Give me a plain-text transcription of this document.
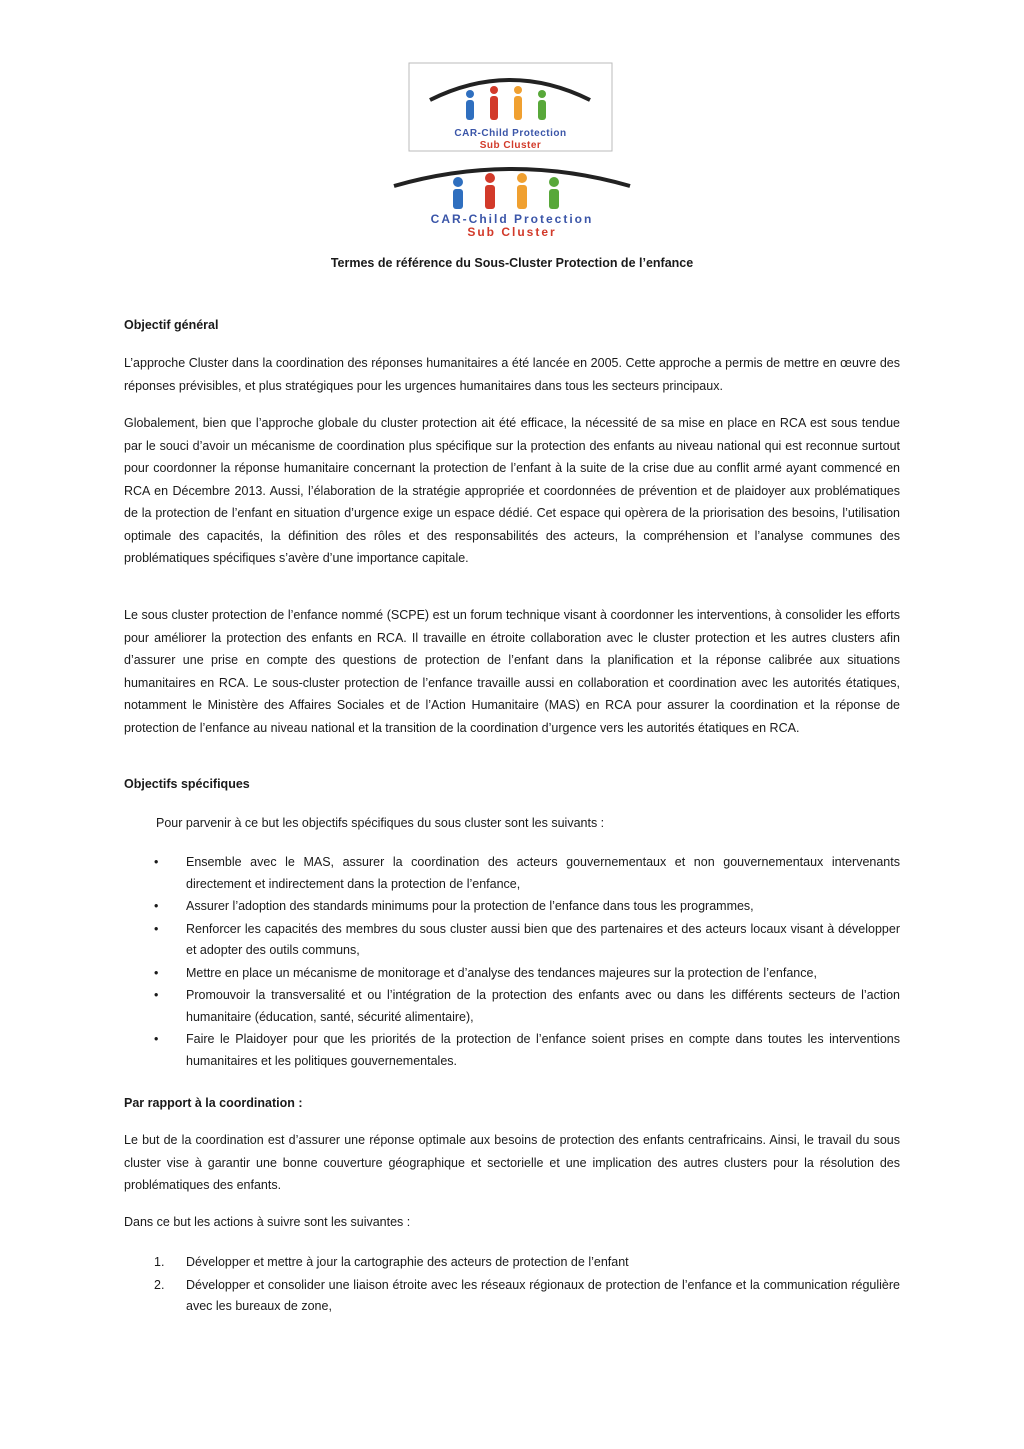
CAR-Child Protection
Sub Cluster
CAR-Child Protection
Sub Cluster
Termes de référence du Sous-Cluster Protection de l’enfance
Objectif général

L’approche Cluster dans la coordination des réponses humanitaires a été lancée en 2005. Cette approche a permis de mettre en œuvre des réponses prévisibles, et plus stratégiques pour les urgences humanitaires dans tous les secteurs principaux.

Globalement, bien que l’approche globale du cluster protection ait été efficace, la nécessité de sa mise en place en RCA est sous tendue par le souci d’avoir un mécanisme de coordination plus spécifique sur la protection des enfants au niveau national qui est reconnue surtout pour coordonner la réponse humanitaire concernant la protection de l’enfant à la suite de la crise due au conflit armé ayant commencé en RCA en Décembre 2013. Aussi, l’élaboration de la stratégie appropriée et coordonnées de prévention et de plaidoyer aux problématiques de la protection de l’enfant en situation d’urgence exige un espace dédié. Cet espace qui opèrera de la priorisation des besoins, l’utilisation optimale des capacités, la définition des rôles et des responsabilités des acteurs, la compréhension et l’analyse communes des problématiques spécifiques s’avère d’une importance capitale.

Le sous cluster protection de l’enfance nommé (SCPE) est un forum technique visant à coordonner les interventions, à consolider les efforts pour améliorer la protection des enfants en RCA. Il travaille en étroite collaboration avec le cluster protection et les autres clusters afin d’assurer une prise en compte des questions de protection de l’enfant dans la planification et la réponse calibrée aux situations humanitaires en RCA. Le sous-cluster protection de l’enfance travaille aussi en collaboration et coordination avec les autorités étatiques, notamment le Ministère des Affaires Sociales et de l’Action Humanitaire (MAS) en RCA pour assurer la coordination et la réponse de protection de l’enfance au niveau national et la transition de la coordination d’urgence vers les autorités étatiques en RCA.

Objectifs spécifiques
Pour parvenir à ce but les objectifs spécifiques du sous cluster sont les suivants :
• Ensemble avec le MAS, assurer la coordination des acteurs gouvernementaux et non gouvernementaux intervenants directement et indirectement dans la protection de l’enfance,
• Assurer l’adoption des standards minimums pour la protection de l’enfance dans tous les programmes,
• Renforcer les capacités des membres du sous cluster aussi bien que des partenaires et des acteurs locaux visant à développer et adopter des outils communs,
• Mettre en place un mécanisme de monitorage et d’analyse des tendances majeures sur la protection de l’enfance,
• Promouvoir la transversalité et ou l’intégration de la protection des enfants avec ou dans les différents secteurs de l’action humanitaire (éducation, santé, sécurité alimentaire),
• Faire le Plaidoyer pour que les priorités de la protection de l’enfance soient prises en compte dans toutes les interventions humanitaires et les politiques gouvernementales.
Par rapport à la coordination :

Le but de la coordination est d’assurer une réponse optimale aux besoins de protection des enfants centrafricains. Ainsi, le travail du sous cluster vise à garantir une bonne couverture géographique et sectorielle et une implication des autres clusters pour la résolution des problématiques des enfants.

Dans ce but les actions à suivre sont les suivantes :
1. Développer et mettre à jour la cartographie des acteurs de protection de l’enfant
2. Développer et consolider une liaison étroite avec les réseaux régionaux de protection de l’enfance et la communication régulière avec les bureaux de zone,
